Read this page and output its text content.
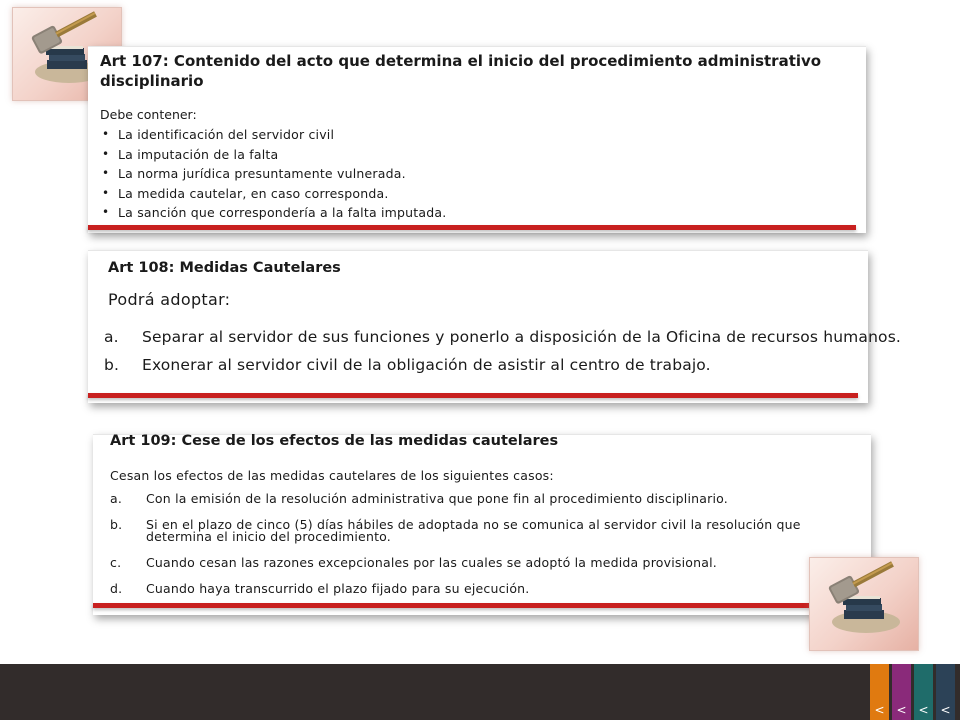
Art 107: Contenido del acto que determina el inicio del procedimiento administrativo disciplinario
Debe contener:
• La identificación del servidor civil
• La imputación de la falta
• La norma jurídica presuntamente vulnerada.
• La medida cautelar, en caso corresponda.
• La sanción que correspondería a la falta imputada.
Art 108: Medidas Cautelares
Podrá adoptar:
a. Separar al servidor de sus funciones y ponerlo a disposición de la Oficina de recursos humanos.
b. Exonerar al servidor civil de la obligación de asistir al centro de trabajo.
Art 109: Cese de los efectos de las medidas cautelares
Cesan los efectos de las medidas cautelares de los siguientes casos:
a. Con la emisión de la resolución administrativa que pone fin al procedimiento disciplinario.
b. Si en el plazo de cinco (5) días hábiles de adoptada no se comunica al servidor civil la resolución que determina el inicio del procedimiento.
c. Cuando cesan las razones excepcionales por las cuales se adoptó la medida provisional.
d. Cuando haya transcurrido el plazo fijado para su ejecución.
< < < <
